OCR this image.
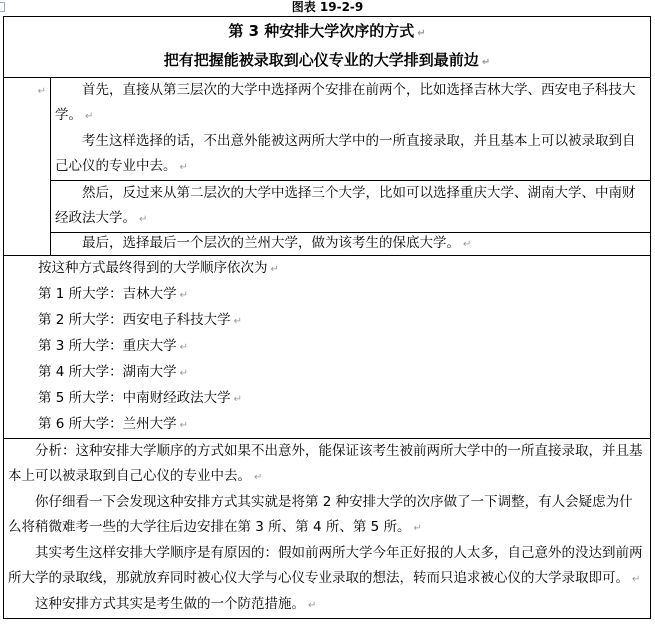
图表 19-2-9

第 3 种安排大学次序的方式 ↵

把有把握能被录取到心仪专业的大学排到最前边 ↵

↵	

首先，直接从第三层次的大学中选择两个安排在前两个，比如选择吉林大学、西安电子科技大学。 ↵

考生这样选择的话，不出意外能被这两所大学中的一所直接录取，并且基本上可以被录取到自己心仪的专业中去。 ↵

然后，反过来从第二层次的大学中选择三个大学，比如可以选择重庆大学、湖南大学、中南财经政法大学。 ↵

最后，选择最后一个层次的兰州大学，做为该考生的保底大学。 ↵

按这种方式最终得到的大学顺序依次为 ↵

第 1 所大学：吉林大学 ↵

第 2 所大学：西安电子科技大学 ↵

第 3 所大学：重庆大学 ↵

第 4 所大学：湖南大学 ↵

第 5 所大学：中南财经政法大学 ↵

第 6 所大学：兰州大学 ↵

分析：这种安排大学顺序的方式如果不出意外，能保证该考生被前两所大学中的一所直接录取，并且基本上可以被录取到自己心仪的专业中去。 ↵

你仔细看一下会发现这种安排方式其实就是将第 2 种安排大学的次序做了一下调整，有人会疑虑为什么将稍微难考一些的大学往后边安排在第 3 所、第 4 所、第 5 所。 ↵

其实考生这样安排大学顺序是有原因的：假如前两所大学今年正好报的人太多，自己意外的没达到前两所大学的录取线，那就放弃同时被心仪大学与心仪专业录取的想法，转而只追求被心仪的大学录取即可。 ↵

这种安排方式其实是考生做的一个防范措施。 ↵
